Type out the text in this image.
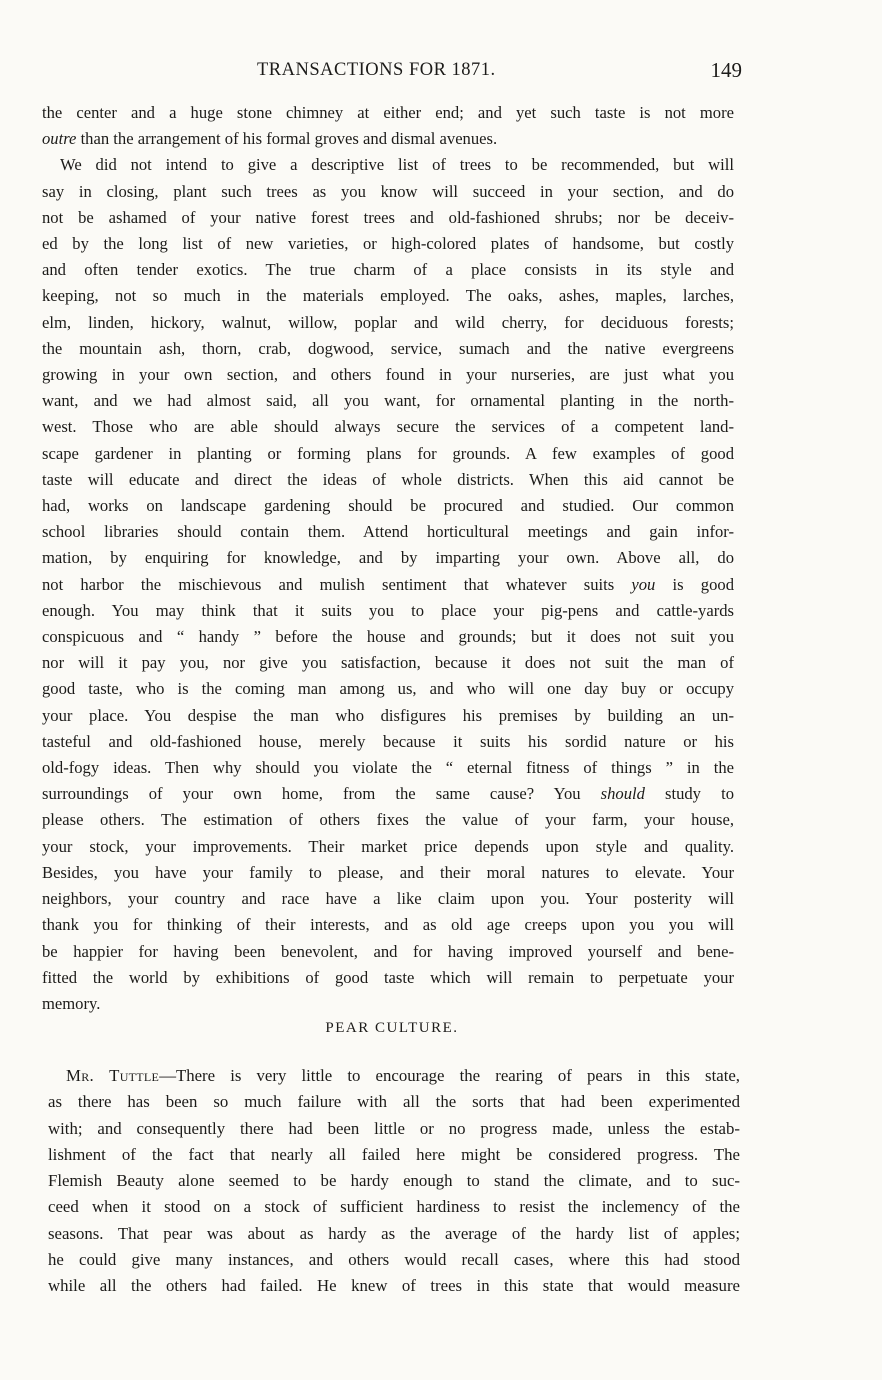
TRANSACTIONS FOR 1871.	149
the center and a huge stone chimney at either end; and yet such taste is not more
outre than the arrangement of his formal groves and dismal avenues.
We did not intend to give a descriptive list of trees to be recommended, but will
say in closing, plant such trees as you know will succeed in your section, and do
not be ashamed of your native forest trees and old-fashioned shrubs; nor be deceiv-
ed by the long list of new varieties, or high-colored plates of handsome, but costly
and often tender exotics. The true charm of a place consists in its style and
keeping, not so much in the materials employed. The oaks, ashes, maples, larches,
elm, linden, hickory, walnut, willow, poplar and wild cherry, for deciduous forests;
the mountain ash, thorn, crab, dogwood, service, sumach and the native evergreens
growing in your own section, and others found in your nurseries, are just what you
want, and we had almost said, all you want, for ornamental planting in the north-
west. Those who are able should always secure the services of a competent land-
scape gardener in planting or forming plans for grounds. A few examples of good
taste will educate and direct the ideas of whole districts. When this aid cannot be
had, works on landscape gardening should be procured and studied. Our common
school libraries should contain them. Attend horticultural meetings and gain infor-
mation, by enquiring for knowledge, and by imparting your own. Above all, do
not harbor the mischievous and mulish sentiment that whatever suits you is good
enough. You may think that it suits you to place your pig-pens and cattle-yards
conspicuous and “ handy ” before the house and grounds; but it does not suit you
nor will it pay you, nor give you satisfaction, because it does not suit the man of
good taste, who is the coming man among us, and who will one day buy or occupy
your place. You despise the man who disfigures his premises by building an un-
tasteful and old-fashioned house, merely because it suits his sordid nature or his
old-fogy ideas. Then why should you violate the “ eternal fitness of things ” in the
surroundings of your own home, from the same cause? You should study to
please others. The estimation of others fixes the value of your farm, your house,
your stock, your improvements. Their market price depends upon style and quality.
Besides, you have your family to please, and their moral natures to elevate. Your
neighbors, your country and race have a like claim upon you. Your posterity will
thank you for thinking of their interests, and as old age creeps upon you you will
be happier for having been benevolent, and for having improved yourself and bene-
fitted the world by exhibitions of good taste which will remain to perpetuate your
memory.
PEAR CULTURE.
Mr. Tuttle—There is very little to encourage the rearing of pears in this state,
as there has been so much failure with all the sorts that had been experimented
with; and consequently there had been little or no progress made, unless the estab-
lishment of the fact that nearly all failed here might be considered progress. The
Flemish Beauty alone seemed to be hardy enough to stand the climate, and to suc-
ceed when it stood on a stock of sufficient hardiness to resist the inclemency of the
seasons. That pear was about as hardy as the average of the hardy list of apples;
he could give many instances, and others would recall cases, where this had stood
while all the others had failed. He knew of trees in this state that would measure
